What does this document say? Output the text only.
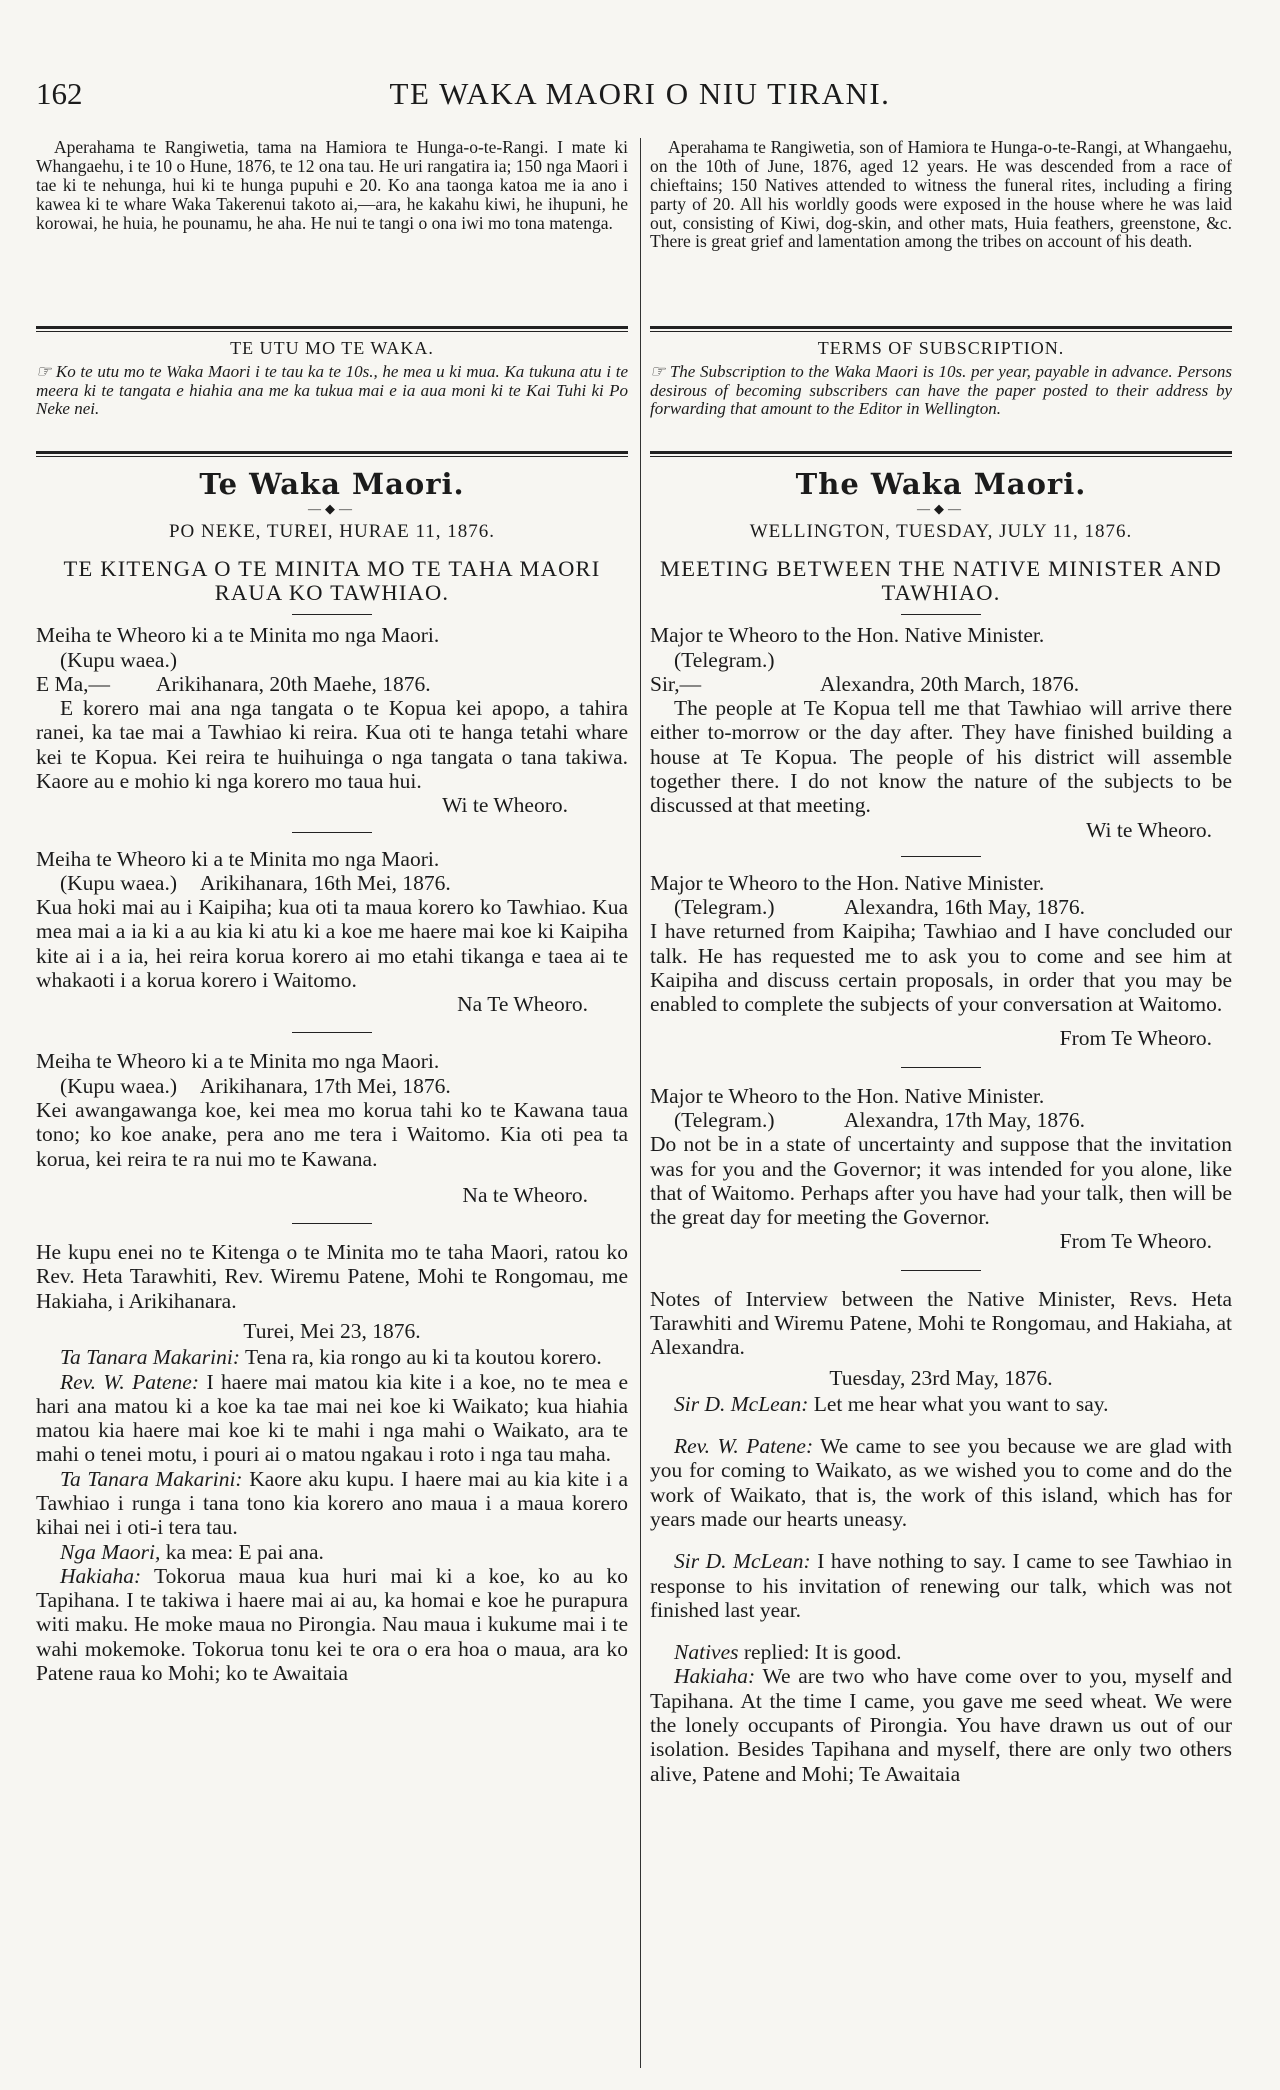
162	TE WAKA MAORI O NIU TIRANI.

Aperahama te Rangiwetia, tama na Hamiora te Hunga-o-te-Rangi. I mate ki Whangaehu, i te 10 o Hune, 1876, te 12 ona tau. He uri rangatira ia; 150 nga Maori i tae ki te nehunga, hui ki te hunga pupuhi e 20. Ko ana taonga katoa me ia ano i kawea ki te whare Waka Takerenui takoto ai,—ara, he kakahu kiwi, he ihupuni, he korowai, he huia, he pounamu, he aha. He nui te tangi o ona iwi mo tona matenga.

TE UTU MO TE WAKA.

☞ Ko te utu mo te Waka Maori i te tau ka te 10s., he mea u ki mua. Ka tukuna atu i te meera ki te tangata e hiahia ana me ka tukua mai e ia aua moni ki te Kai Tuhi ki Po Neke nei.

Te Waka Maori.

—◆—

PO NEKE, TUREI, HURAE 11, 1876.

TE KITENGA O TE MINITA MO TE TAHA MAORI RAUA KO TAWHIAO.

Meiha te Wheoro ki a te Minita mo nga Maori.

(Kupu waea.)

E Ma,—	Arikihanara, 20th Maehe, 1876.

E korero mai ana nga tangata o te Kopua kei apopo, a tahira ranei, ka tae mai a Tawhiao ki reira. Kua oti te hanga tetahi whare kei te Kopua. Kei reira te huihuinga o nga tangata o tana takiwa. Kaore au e mohio ki nga korero mo taua hui.

Wi te Wheoro.

Meiha te Wheoro ki a te Minita mo nga Maori.

(Kupu waea.)	Arikihanara, 16th Mei, 1876.

Kua hoki mai au i Kaipiha; kua oti ta maua korero ko Tawhiao. Kua mea mai a ia ki a au kia ki atu ki a koe me haere mai koe ki Kaipiha kite ai i a ia, hei reira korua korero ai mo etahi tikanga e taea ai te whakaoti i a korua korero i Waitomo.

Na Te Wheoro.

Meiha te Wheoro ki a te Minita mo nga Maori.

(Kupu waea.)	Arikihanara, 17th Mei, 1876.

Kei awangawanga koe, kei mea mo korua tahi ko te Kawana taua tono; ko koe anake, pera ano me tera i Waitomo. Kia oti pea ta korua, kei reira te ra nui mo te Kawana.

Na te Wheoro.

He kupu enei no te Kitenga o te Minita mo te taha Maori, ratou ko Rev. Heta Tarawhiti, Rev. Wiremu Patene, Mohi te Rongomau, me Hakiaha, i Arikihanara.

Turei, Mei 23, 1876.

Ta Tanara Makarini: Tena ra, kia rongo au ki ta koutou korero.

Rev. W. Patene: I haere mai matou kia kite i a koe, no te mea e hari ana matou ki a koe ka tae mai nei koe ki Waikato; kua hiahia matou kia haere mai koe ki te mahi i nga mahi o Waikato, ara te mahi o tenei motu, i pouri ai o matou ngakau i roto i nga tau maha.

Ta Tanara Makarini: Kaore aku kupu. I haere mai au kia kite i a Tawhiao i runga i tana tono kia korero ano maua i a maua korero kihai nei i oti-i tera tau.

Nga Maori, ka mea: E pai ana.

Hakiaha: Tokorua maua kua huri mai ki a koe, ko au ko Tapihana. I te takiwa i haere mai ai au, ka homai e koe he purapura witi maku. He moke maua no Pirongia. Nau maua i kukume mai i te wahi mokemoke. Tokorua tonu kei te ora o era hoa o maua, ara ko Patene raua ko Mohi; ko te Awaitaia

Aperahama te Rangiwetia, son of Hamiora te Hunga-o-te-Rangi, at Whangaehu, on the 10th of June, 1876, aged 12 years. He was descended from a race of chieftains; 150 Natives attended to witness the funeral rites, including a firing party of 20. All his worldly goods were exposed in the house where he was laid out, consisting of Kiwi, dog-skin, and other mats, Huia feathers, greenstone, &c. There is great grief and lamentation among the tribes on account of his death.

TERMS OF SUBSCRIPTION.

☞ The Subscription to the Waka Maori is 10s. per year, payable in advance. Persons desirous of becoming subscribers can have the paper posted to their address by forwarding that amount to the Editor in Wellington.

The Waka Maori.

—◆—

WELLINGTON, TUESDAY, JULY 11, 1876.

MEETING BETWEEN THE NATIVE MINISTER AND TAWHIAO.

Major te Wheoro to the Hon. Native Minister.

(Telegram.)

Sir,—	Alexandra, 20th March, 1876.

The people at Te Kopua tell me that Tawhiao will arrive there either to-morrow or the day after. They have finished building a house at Te Kopua. The people of his district will assemble together there. I do not know the nature of the subjects to be discussed at that meeting.

Wi te Wheoro.

Major te Wheoro to the Hon. Native Minister.

(Telegram.)	Alexandra, 16th May, 1876.

I have returned from Kaipiha; Tawhiao and I have concluded our talk. He has requested me to ask you to come and see him at Kaipiha and discuss certain proposals, in order that you may be enabled to complete the subjects of your conversation at Waitomo.

From Te Wheoro.

Major te Wheoro to the Hon. Native Minister.

(Telegram.)	Alexandra, 17th May, 1876.

Do not be in a state of uncertainty and suppose that the invitation was for you and the Governor; it was intended for you alone, like that of Waitomo. Perhaps after you have had your talk, then will be the great day for meeting the Governor.

From Te Wheoro.

Notes of Interview between the Native Minister, Revs. Heta Tarawhiti and Wiremu Patene, Mohi te Rongomau, and Hakiaha, at Alexandra.

Tuesday, 23rd May, 1876.

Sir D. McLean: Let me hear what you want to say.

Rev. W. Patene: We came to see you because we are glad with you for coming to Waikato, as we wished you to come and do the work of Waikato, that is, the work of this island, which has for years made our hearts uneasy.

Sir D. McLean: I have nothing to say. I came to see Tawhiao in response to his invitation of renewing our talk, which was not finished last year.

Natives replied: It is good.

Hakiaha: We are two who have come over to you, myself and Tapihana. At the time I came, you gave me seed wheat. We were the lonely occupants of Pirongia. You have drawn us out of our isolation. Besides Tapihana and myself, there are only two others alive, Patene and Mohi; Te Awaitaia
